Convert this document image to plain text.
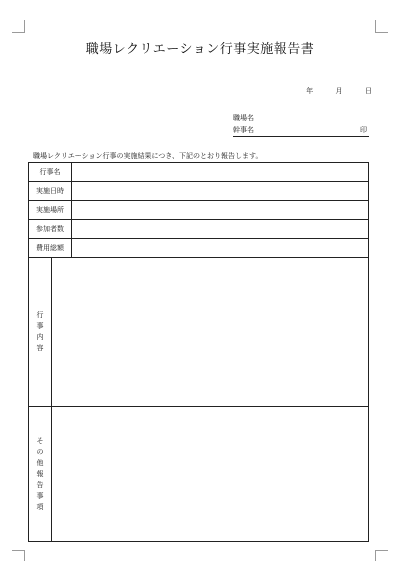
職場レクリエーション行事実施報告書
年	月	日
職場名
幹事名	印
職場レクリエーション行事の実施結果につき、下記のとおり報告します。
行事名		
実施日時		
実施場所		
参加者数		
費用総額		
行事内容		
その他報告事項		
